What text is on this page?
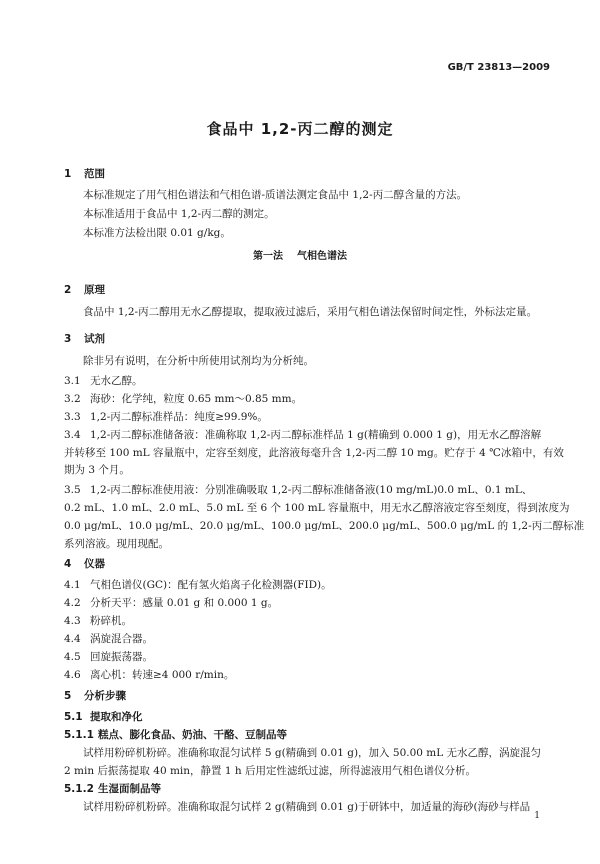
GB/T 23813—2009
食品中 1,2-丙二醇的测定
1 范围
本标准规定了用气相色谱法和气相色谱-质谱法测定食品中 1,2-丙二醇含量的方法。
本标准适用于食品中 1,2-丙二醇的测定。
本标准方法检出限 0.01 g/kg。
第一法    气相色谱法
2 原理
食品中 1,2-丙二醇用无水乙醇提取，提取液过滤后，采用气相色谱法保留时间定性，外标法定量。
3 试剂
除非另有说明，在分析中所使用试剂均为分析纯。
3.1 无水乙醇。
3.2 海砂：化学纯，粒度 0.65 mm～0.85 mm。
3.3 1,2-丙二醇标准样品：纯度≥99.9%。
3.4 1,2-丙二醇标准储备液：准确称取 1,2-丙二醇标准样品 1 g(精确到 0.000 1 g)，用无水乙醇溶解
并转移至 100 mL 容量瓶中，定容至刻度，此溶液每毫升含 1,2-丙二醇 10 mg。贮存于 4 ℃冰箱中，有效
期为 3 个月。
3.5 1,2-丙二醇标准使用液：分别准确吸取 1,2-丙二醇标准储备液(10 mg/mL)0.0 mL、0.1 mL、
0.2 mL、1.0 mL、2.0 mL、5.0 mL 至 6 个 100 mL 容量瓶中，用无水乙醇溶液定容至刻度，得到浓度为
0.0 μg/mL、10.0 μg/mL、20.0 μg/mL、100.0 μg/mL、200.0 μg/mL、500.0 μg/mL 的 1,2-丙二醇标准
系列溶液。现用现配。
4 仪器
4.1 气相色谱仪(GC)：配有氢火焰离子化检测器(FID)。
4.2 分析天平：感量 0.01 g 和 0.000 1 g。
4.3 粉碎机。
4.4 涡旋混合器。
4.5 回旋振荡器。
4.6 离心机：转速≥4 000 r/min。
5 分析步骤
5.1 提取和净化
5.1.1 糕点、膨化食品、奶油、干酪、豆制品等
试样用粉碎机粉碎。准确称取混匀试样 5 g(精确到 0.01 g)，加入 50.00 mL 无水乙醇，涡旋混匀
2 min 后振荡提取 40 min，静置 1 h 后用定性滤纸过滤，所得滤液用气相色谱仪分析。
5.1.2 生湿面制品等
试样用粉碎机粉碎。准确称取混匀试样 2 g(精确到 0.01 g)于研钵中，加适量的海砂(海砂与样品
1
